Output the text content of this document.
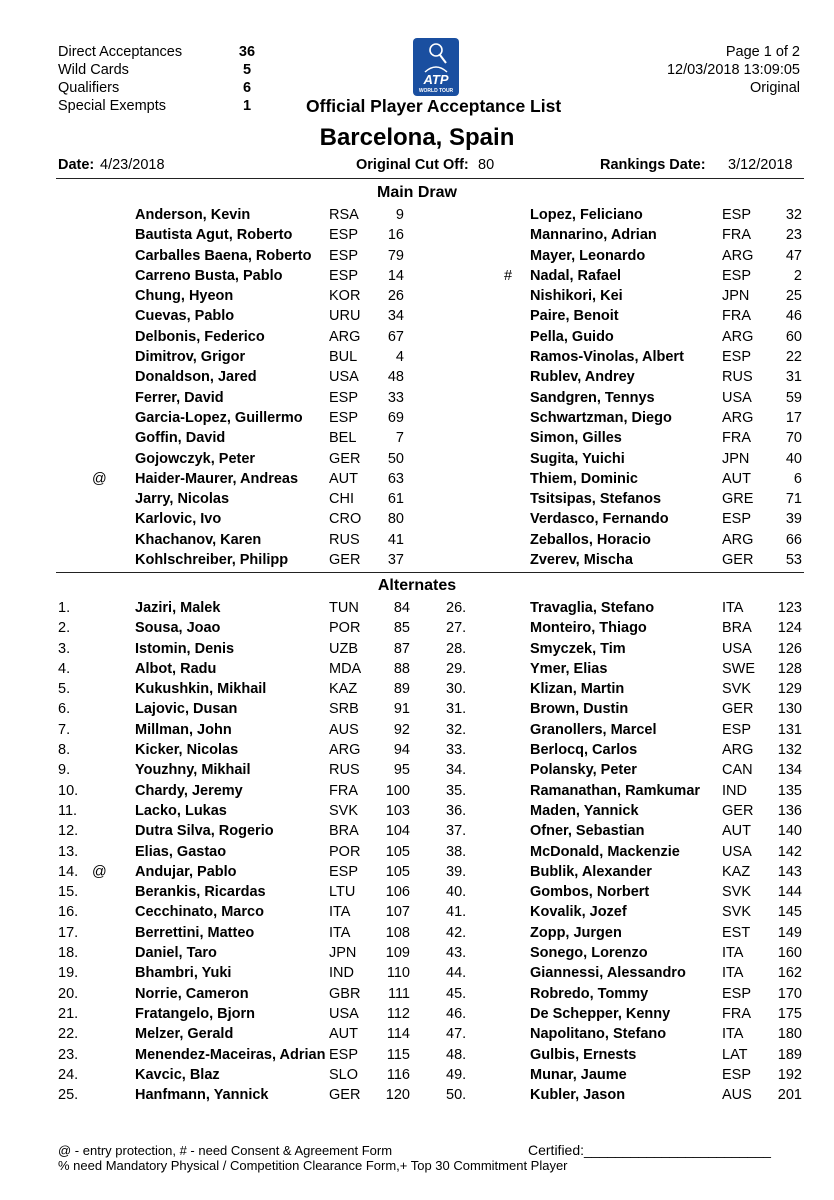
Direct Acceptances	36
Wild Cards	5
Qualifiers	6
Special Exempts	1
ATP
WORLD TOUR
Page 1 of 2
12/03/2018 13:09:05
Original
Official Player Acceptance List
Barcelona, Spain
Date: 4/23/2018	Original Cut Off: 80	Rankings Date: 3/12/2018
Main Draw
Anderson, Kevin	RSA	9	Lopez, Feliciano	ESP	32
Bautista Agut, Roberto	ESP	16	Mannarino, Adrian	FRA	23
Carballes Baena, Roberto ESP	79	Mayer, Leonardo	ARG	47
Carreno Busta, Pablo	ESP	14	# Nadal, Rafael	ESP	2
Chung, Hyeon	KOR	26	Nishikori, Kei	JPN	25
Cuevas, Pablo	URU	34	Paire, Benoit	FRA	46
Delbonis, Federico	ARG	67	Pella, Guido	ARG	60
Dimitrov, Grigor	BUL	4	Ramos-Vinolas, Albert	ESP	22
Donaldson, Jared	USA	48	Rublev, Andrey	RUS	31
Ferrer, David	ESP	33	Sandgren, Tennys	USA	59
Garcia-Lopez, Guillermo ESP	69	Schwartzman, Diego	ARG	17
Goffin, David	BEL	7	Simon, Gilles	FRA	70
Gojowczyk, Peter	GER	50	Sugita, Yuichi	JPN	40
@ Haider-Maurer, Andreas AUT	63	Thiem, Dominic	AUT	6
Jarry, Nicolas	CHI	61	Tsitsipas, Stefanos	GRE	71
Karlovic, Ivo	CRO	80	Verdasco, Fernando	ESP	39
Khachanov, Karen	RUS	41	Zeballos, Horacio	ARG	66
Kohlschreiber, Philipp	GER	37	Zverev, Mischa	GER	53
Alternates
1.	Jaziri, Malek	TUN	84 26.	Travaglia, Stefano	ITA	123
2.	Sousa, Joao	POR	85 27.	Monteiro, Thiago	BRA	124
3.	Istomin, Denis	UZB	87 28.	Smyczek, Tim	USA	126
4.	Albot, Radu	MDA	88 29.	Ymer, Elias	SWE	128
5.	Kukushkin, Mikhail	KAZ	89 30.	Klizan, Martin	SVK	129
6.	Lajovic, Dusan	SRB	91 31.	Brown, Dustin	GER	130
7.	Millman, John	AUS	92 32.	Granollers, Marcel	ESP	131
8.	Kicker, Nicolas	ARG	94 33.	Berlocq, Carlos	ARG	132
9.	Youzhny, Mikhail	RUS	95 34.	Polansky, Peter	CAN	134
10.	Chardy, Jeremy	FRA	100 35.	Ramanathan, Ramkumar IND	135
11.	Lacko, Lukas	SVK	103 36.	Maden, Yannick	GER	136
12.	Dutra Silva, Rogerio	BRA	104 37.	Ofner, Sebastian	AUT	140
13.	Elias, Gastao	POR	105 38.	McDonald, Mackenzie	USA	142
14. @ Andujar, Pablo	ESP	105 39.	Bublik, Alexander	KAZ	143
15.	Berankis, Ricardas	LTU	106 40.	Gombos, Norbert	SVK	144
16.	Cecchinato, Marco	ITA	107 41.	Kovalik, Jozef	SVK	145
17.	Berrettini, Matteo	ITA	108 42.	Zopp, Jurgen	EST	149
18.	Daniel, Taro	JPN	109 43.	Sonego, Lorenzo	ITA	160
19.	Bhambri, Yuki	IND	110 44.	Giannessi, Alessandro ITA	162
20.	Norrie, Cameron	GBR	111 45.	Robredo, Tommy	ESP	170
21.	Fratangelo, Bjorn	USA	112 46.	De Schepper, Kenny	FRA	175
22.	Melzer, Gerald	AUT	114 47.	Napolitano, Stefano	ITA	180
23.	Menendez-Maceiras, Adrian ESP	115 48.	Gulbis, Ernests	LAT	189
24.	Kavcic, Blaz	SLO	116 49.	Munar, Jaume	ESP	192
25.	Hanfmann, Yannick	GER	120 50.	Kubler, Jason	AUS	201
@ - entry protection, # - need Consent & Agreement Form
% need Mandatory Physical / Competition Clearance Form,+ Top 30 Commitment Player
Certified:________________________
